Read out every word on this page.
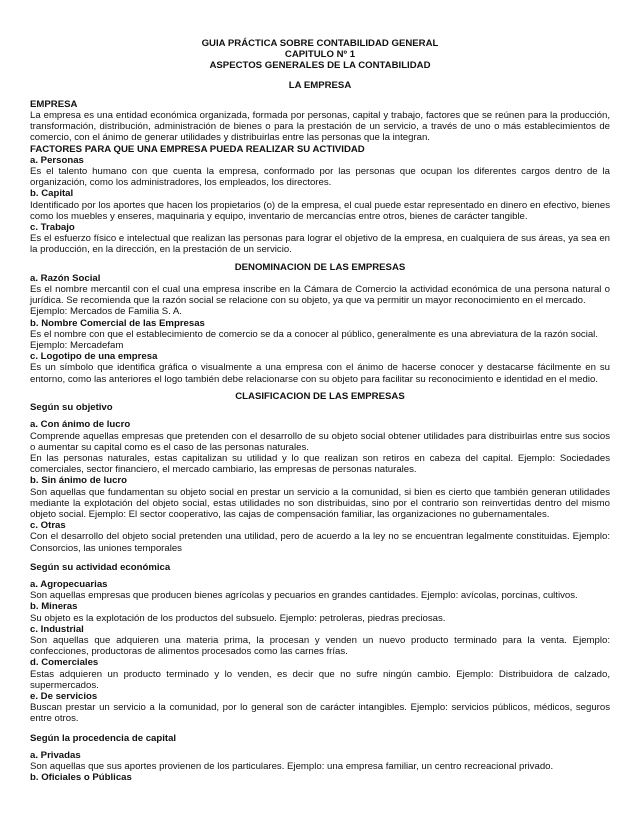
GUIA PRÁCTICA SOBRE CONTABILIDAD GENERAL
CAPITULO Nº 1
ASPECTOS GENERALES DE LA CONTABILIDAD
LA EMPRESA
EMPRESA

La empresa es una entidad económica organizada, formada por personas, capital y trabajo, factores que se reúnen para la producción, transformación, distribución, administración de bienes o para la prestación de un servicio, a través de uno o más establecimientos de comercio, con el ánimo de generar utilidades y distribuirlas entre las personas que la integran.

FACTORES PARA QUE UNA EMPRESA PUEDA REALIZAR SU ACTIVIDAD
a. Personas

Es el talento humano con que cuenta la empresa, conformado por las personas que ocupan los diferentes cargos dentro de la organización, como los administradores, los empleados, los directores.

b. Capital

Identificado por los aportes que hacen los propietarios (o) de la empresa, el cual puede estar representado en dinero en efectivo, bienes como los muebles y enseres, maquinaria y equipo, inventario de mercancías entre otros, bienes de carácter tangible.

c. Trabajo

Es el esfuerzo físico e intelectual que realizan las personas para lograr el objetivo de la empresa, en cualquiera de sus áreas, ya sea en la producción, en la dirección, en la prestación de un servicio.

DENOMINACION DE LAS EMPRESAS
a. Razón Social

Es el nombre mercantil con el cual una empresa inscribe en la Cámara de Comercio la actividad económica de una persona natural o jurídica. Se recomienda que la razón social se relacione con su objeto, ya que va permitir un mayor reconocimiento en el mercado.

Ejemplo: Mercados de Familia S. A.

b. Nombre Comercial de las Empresas

Es el nombre con que el establecimiento de comercio se da a conocer al público, generalmente es una abreviatura de la razón social.

Ejemplo: Mercadefam

c. Logotipo de una empresa

Es un símbolo que identifica gráfica o visualmente a una empresa con el ánimo de hacerse conocer y destacarse fácilmente en su entorno, como las anteriores el logo también debe relacionarse con su objeto para facilitar su reconocimiento e identidad en el medio.

CLASIFICACION DE LAS EMPRESAS
Según su objetivo
a. Con ánimo de lucro

Comprende aquellas empresas que pretenden con el desarrollo de su objeto social obtener utilidades para distribuirlas entre sus socios o aumentar su capital como es el caso de las personas naturales.

En las personas naturales, estas capitalizan su utilidad y lo que realizan son retiros en cabeza del capital. Ejemplo: Sociedades comerciales, sector financiero, el mercado cambiario, las empresas de personas naturales.

b. Sin ánimo de lucro

Son aquellas que fundamentan su objeto social en prestar un servicio a la comunidad, si bien es cierto que también generan utilidades mediante la explotación del objeto social, estas utilidades no son distribuidas, sino por el contrario son reinvertidas dentro del mismo objeto social. Ejemplo: El sector cooperativo, las cajas de compensación familiar, las organizaciones no gubernamentales.

c. Otras

Con el desarrollo del objeto social pretenden una utilidad, pero de acuerdo a la ley no se encuentran legalmente constituidas. Ejemplo: Consorcios, las uniones temporales

Según su actividad económica
a. Agropecuarias

Son aquellas empresas que producen bienes agrícolas y pecuarios en grandes cantidades. Ejemplo: avícolas, porcinas, cultivos.

b. Mineras

Su objeto es la explotación de los productos del subsuelo. Ejemplo: petroleras, piedras preciosas.

c. Industrial

Son aquellas que adquieren una materia prima, la procesan y venden un nuevo producto terminado para la venta. Ejemplo: confecciones, productoras de alimentos procesados como las carnes frías.

d. Comerciales

Estas adquieren un producto terminado y lo venden, es decir que no sufre ningún cambio. Ejemplo: Distribuidora de calzado, supermercados.

e. De servicios

Buscan prestar un servicio a la comunidad, por lo general son de carácter intangibles. Ejemplo: servicios públicos, médicos, seguros entre otros.

Según la procedencia de capital
a. Privadas

Son aquellas que sus aportes provienen de los particulares. Ejemplo: una empresa familiar, un centro recreacional privado.

b. Oficiales o Públicas
